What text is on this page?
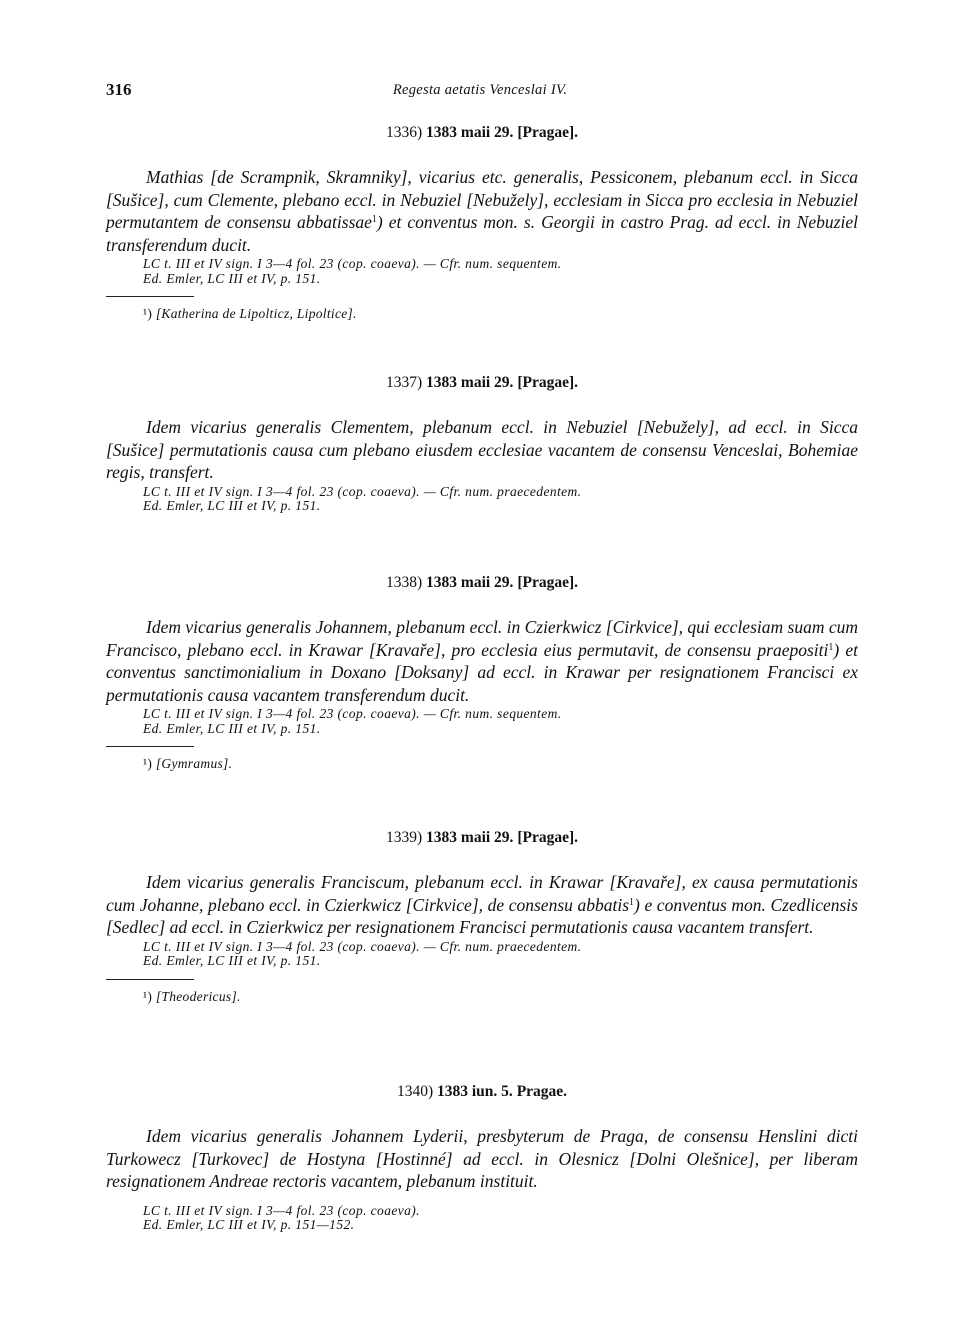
316	Regesta aetatis Venceslai IV.
1336) 1383 maii 29. [Pragae].

Mathias [de Scrampnik, Skramniky], vicarius etc. generalis, Pessiconem, plebanum eccl. in Sicca [Sušice], cum Clemente, plebano eccl. in Nebuziel [Nebužely], ecclesiam in Sicca pro ecclesia in Nebuziel permutantem de consensu abbatissae$^1$) et conventus mon. s. Georgii in castro Prag. ad eccl. in Nebuziel transferendum ducit.

LC t. III et IV sign. I 3—4 fol. 23 (cop. coaeva). — Cfr. num. sequentem.
Ed. Emler, LC III et IV, p. 151.
¹) [Katherina de Lipolticz, Lipoltice].
1337) 1383 maii 29. [Pragae].

Idem vicarius generalis Clementem, plebanum eccl. in Nebuziel [Nebužely], ad eccl. in Sicca [Sušice] permutationis causa cum plebano eiusdem ecclesiae vacantem de consensu Venceslai, Bohemiae regis, transfert.

LC t. III et IV sign. I 3—4 fol. 23 (cop. coaeva). — Cfr. num. praecedentem.
Ed. Emler, LC III et IV, p. 151.
1338) 1383 maii 29. [Pragae].

Idem vicarius generalis Johannem, plebanum eccl. in Czierkwicz [Cirkvice], qui ecclesiam suam cum Francisco, plebano eccl. in Krawar [Kravaře], pro ecclesia eius permutavit, de consensu praepositi$^1$) et conventus sanctimonialium in Doxano [Doksany] ad eccl. in Krawar per resignationem Francisci ex permutationis causa vacantem transferendum ducit.

LC t. III et IV sign. I 3—4 fol. 23 (cop. coaeva). — Cfr. num. sequentem.
Ed. Emler, LC III et IV, p. 151.
¹) [Gymramus].
1339) 1383 maii 29. [Pragae].

Idem vicarius generalis Franciscum, plebanum eccl. in Krawar [Kravaře], ex causa permutationis cum Johanne, plebano eccl. in Czierkwicz [Cirkvice], de consensu abbatis$^1$) e conventus mon. Czedlicensis [Sedlec] ad eccl. in Czierkwicz per resignationem Francisci permutationis causa vacantem transfert.

LC t. III et IV sign. I 3—4 fol. 23 (cop. coaeva). — Cfr. num. praecedentem.
Ed. Emler, LC III et IV, p. 151.
¹) [Theodericus].
1340) 1383 iun. 5. Pragae.

Idem vicarius generalis Johannem Lyderii, presbyterum de Praga, de consensu Henslini dicti Turkowecz [Turkovec] de Hostyna [Hostinné] ad eccl. in Olesnicz [Dolni Olešnice], per liberam resignationem Andreae rectoris vacantem, plebanum instituit.

LC t. III et IV sign. I 3—4 fol. 23 (cop. coaeva).
Ed. Emler, LC III et IV, p. 151—152.
